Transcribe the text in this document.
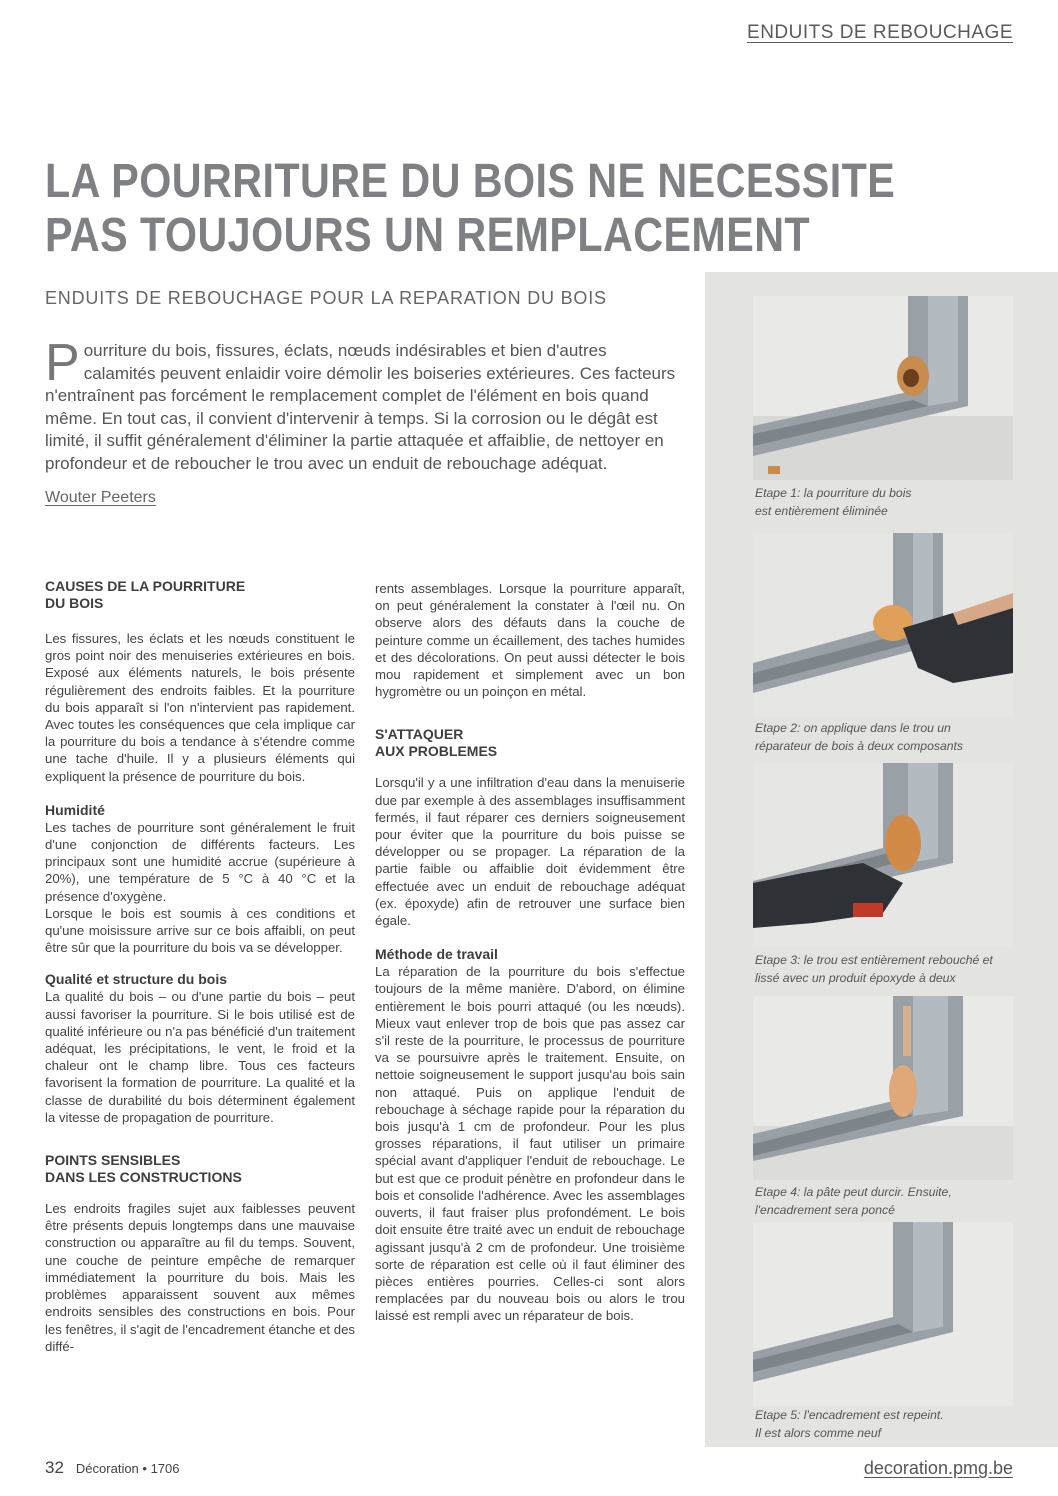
ENDUITS DE REBOUCHAGE
LA POURRITURE DU BOIS NE NECESSITE
PAS TOUJOURS UN REMPLACEMENT
ENDUITS DE REBOUCHAGE POUR LA REPARATION DU BOIS
Pourriture du bois, fissures, éclats, nœuds indésirables et bien d'autres calamités peuvent enlaidir voire démolir les boiseries extérieures. Ces facteurs n'entraînent pas forcément le remplacement complet de l'élément en bois quand même. En tout cas, il convient d'intervenir à temps. Si la corrosion ou le dégât est limité, il suffit généralement d'éliminer la partie attaquée et affaiblie, de nettoyer en profondeur et de reboucher le trou avec un enduit de rebouchage adéquat.
Wouter Peeters
CAUSES DE LA POURRITURE
DU BOIS

Les fissures, les éclats et les nœuds constituent le gros point noir des menuiseries extérieures en bois. Exposé aux éléments naturels, le bois présente régulièrement des endroits faibles. Et la pourriture du bois apparaît si l'on n'intervient pas rapidement. Avec toutes les conséquences que cela implique car la pourriture du bois a tendance à s'étendre comme une tache d'huile. Il y a plusieurs éléments qui expliquent la présence de pourriture du bois.

Humidité

Les taches de pourriture sont généralement le fruit d'une conjonction de différents facteurs. Les principaux sont une humidité accrue (supérieure à 20%), une température de 5 °C à 40 °C et la présence d'oxygène.

Lorsque le bois est soumis à ces conditions et qu'une moisissure arrive sur ce bois affaibli, on peut être sûr que la pourriture du bois va se développer.

Qualité et structure du bois

La qualité du bois – ou d'une partie du bois – peut aussi favoriser la pourriture. Si le bois utilisé est de qualité inférieure ou n'a pas bénéficié d'un traitement adéquat, les précipitations, le vent, le froid et la chaleur ont le champ libre. Tous ces facteurs favorisent la formation de pourriture. La qualité et la classe de durabilité du bois déterminent également la vitesse de propagation de pourriture.

POINTS SENSIBLES
DANS LES CONSTRUCTIONS

Les endroits fragiles sujet aux faiblesses peuvent être présents depuis longtemps dans une mauvaise construction ou apparaître au fil du temps. Souvent, une couche de peinture empêche de remarquer immédiatement la pourriture du bois. Mais les problèmes apparaissent souvent aux mêmes endroits sensibles des constructions en bois. Pour les fenêtres, il s'agit de l'encadrement étanche et des diffé-

rents assemblages. Lorsque la pourriture apparaît, on peut généralement la constater à l'œil nu. On observe alors des défauts dans la couche de peinture comme un écaillement, des taches humides et des décolorations. On peut aussi détecter le bois mou rapidement et simplement avec un bon hygromètre ou un poinçon en métal.

S'ATTAQUER
AUX PROBLEMES

Lorsqu'il y a une infiltration d'eau dans la menuiserie due par exemple à des assemblages insuffisamment fermés, il faut réparer ces derniers soigneusement pour éviter que la pourriture du bois puisse se développer ou se propager. La réparation de la partie faible ou affaiblie doit évidemment être effectuée avec un enduit de rebouchage adéquat (ex. époxyde) afin de retrouver une surface bien égale.

Méthode de travail

La réparation de la pourriture du bois s'effectue toujours de la même manière. D'abord, on élimine entièrement le bois pourri attaqué (ou les nœuds). Mieux vaut enlever trop de bois que pas assez car s'il reste de la pourriture, le processus de pourriture va se poursuivre après le traitement. Ensuite, on nettoie soigneusement le support jusqu'au bois sain non attaqué. Puis on applique l'enduit de rebouchage à séchage rapide pour la réparation du bois jusqu'à 1 cm de profondeur. Pour les plus grosses réparations, il faut utiliser un primaire spécial avant d'appliquer l'enduit de rebouchage. Le but est que ce produit pénètre en profondeur dans le bois et consolide l'adhérence. Avec les assemblages ouverts, il faut fraiser plus profondément. Le bois doit ensuite être traité avec un enduit de rebouchage agissant jusqu'à 2 cm de profondeur. Une troisième sorte de réparation est celle où il faut éliminer des pièces entières pourries. Celles-ci sont alors remplacées par du nouveau bois ou alors le trou laissé est rempli avec un réparateur de bois.

Etape 1: la pourriture du bois
est entièrement éliminée
Etape 2: on applique dans le trou un
réparateur de bois à deux composants
Etape 3: le trou est entièrement rebouché et
lissé avec un produit époxyde à deux
Etape 4: la pâte peut durcir. Ensuite,
l'encadrement sera poncé
Etape 5: l'encadrement est repeint.
Il est alors comme neuf
32 Décoration • 1706	decoration.pmg.be
